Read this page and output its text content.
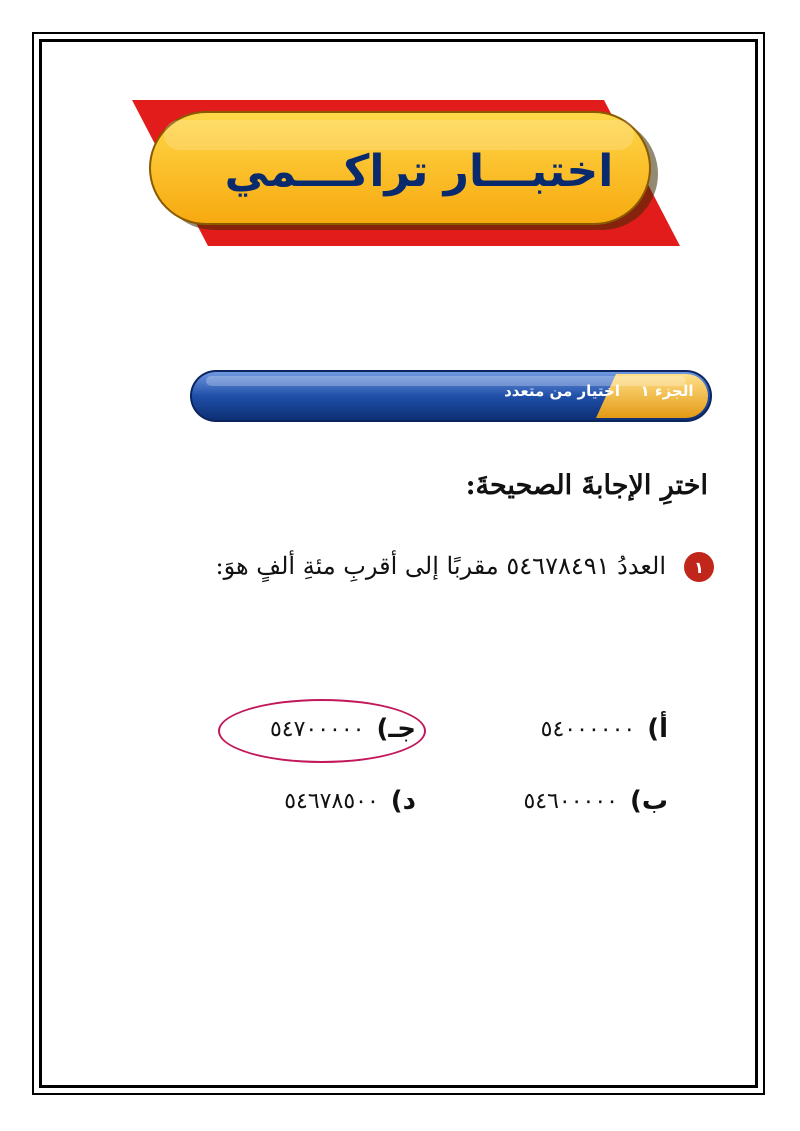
اختبـــار تراكـــمي
الجزء ١
اختيار من متعدد
اخترِ الإجابةَ الصحيحةَ:
١
العددُ ٥٤٦٧٨٤٩١ مقربًا إلى أقربِ مئةِ ألفٍ هوَ:
أ)
٥٤٠٠٠٠٠٠
ب)
٥٤٦٠٠٠٠٠
جـ)
٥٤٧٠٠٠٠٠
د)
٥٤٦٧٨٥٠٠
